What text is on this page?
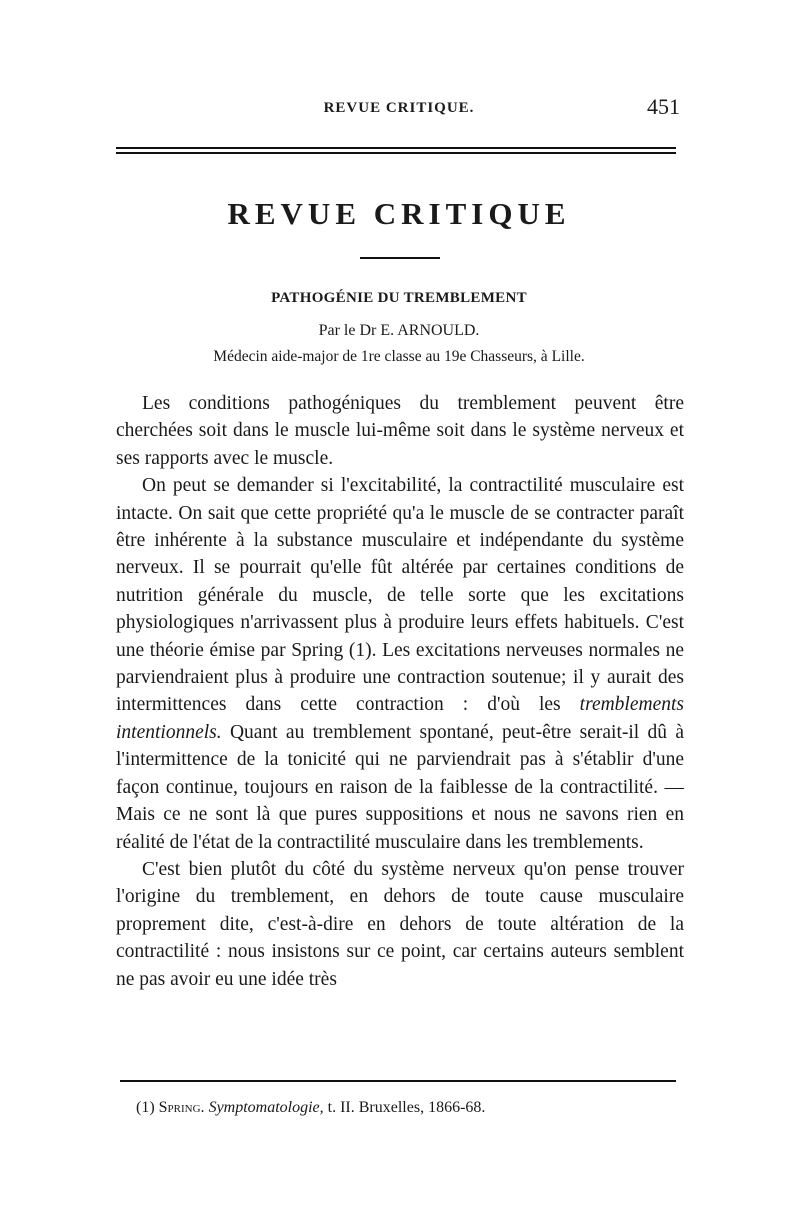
REVUE CRITIQUE.	451
REVUE CRITIQUE
PATHOGÉNIE DU TREMBLEMENT
Par le Dr E. ARNOULD.
Médecin aide-major de 1re classe au 19e Chasseurs, à Lille.

Les conditions pathogéniques du tremblement peuvent être cherchées soit dans le muscle lui-même soit dans le système nerveux et ses rapports avec le muscle.

On peut se demander si l'excitabilité, la contractilité musculaire est intacte. On sait que cette propriété qu'a le muscle de se contracter paraît être inhérente à la substance musculaire et indépendante du système nerveux. Il se pourrait qu'elle fût altérée par certaines conditions de nutrition générale du muscle, de telle sorte que les excitations physiologiques n'arrivassent plus à produire leurs effets habituels. C'est une théorie émise par Spring (1). Les excitations nerveuses normales ne parviendraient plus à produire une contraction soutenue; il y aurait des intermittences dans cette contraction : d'où les tremblements intentionnels. Quant au tremblement spontané, peut-être serait-il dû à l'intermittence de la tonicité qui ne parviendrait pas à s'établir d'une façon continue, toujours en raison de la faiblesse de la contractilité. — Mais ce ne sont là que pures suppositions et nous ne savons rien en réalité de l'état de la contractilité musculaire dans les tremblements.

C'est bien plutôt du côté du système nerveux qu'on pense trouver l'origine du tremblement, en dehors de toute cause musculaire proprement dite, c'est-à-dire en dehors de toute altération de la contractilité : nous insistons sur ce point, car certains auteurs semblent ne pas avoir eu une idée très

(1) Spring. Symptomatologie, t. II. Bruxelles, 1866-68.
